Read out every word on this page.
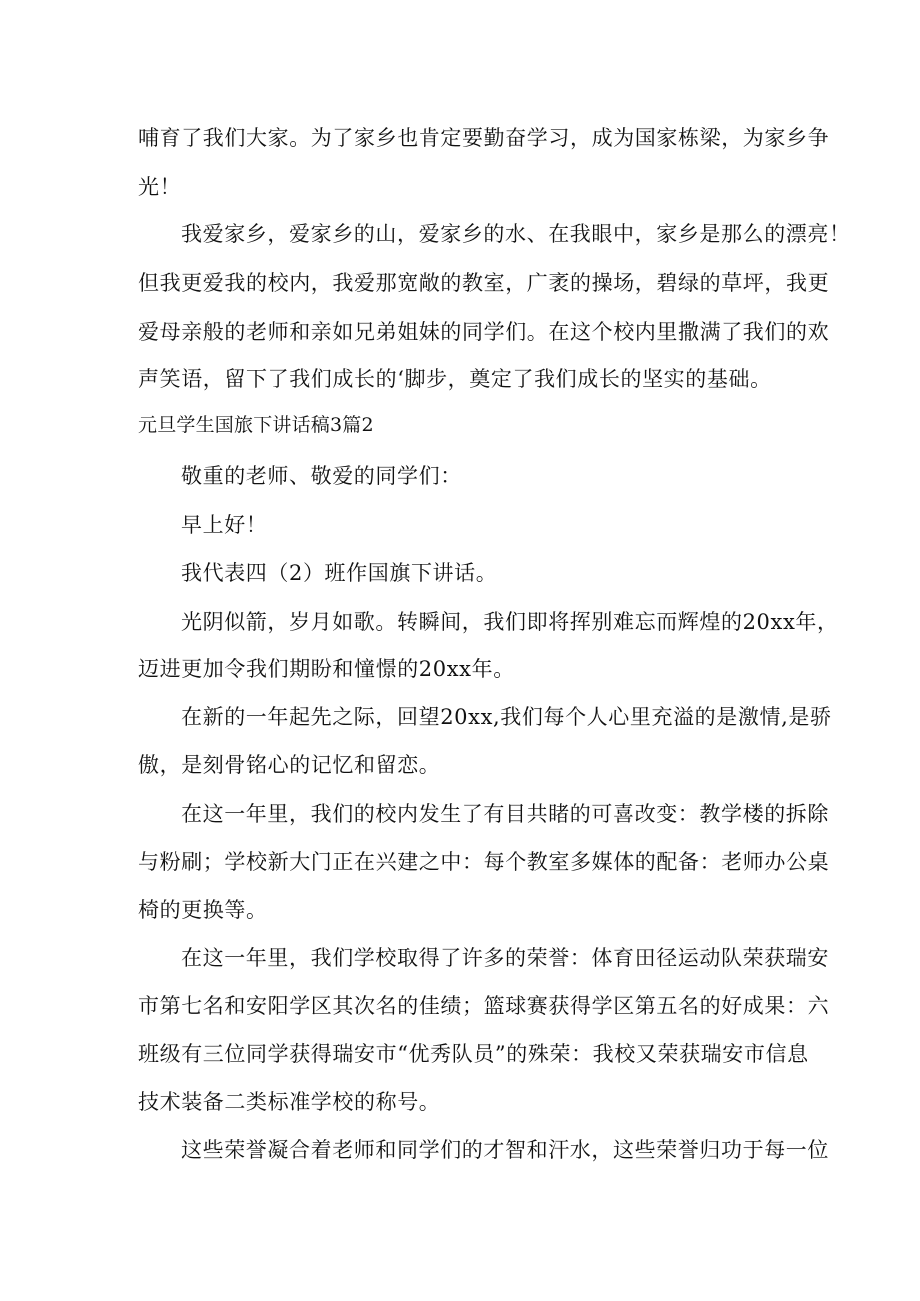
哺育了我们大家。为了家乡也肯定要勤奋学习，成为国家栋梁，为家乡争
光！
我爱家乡，爱家乡的山，爱家乡的水、在我眼中，家乡是那么的漂亮！
但我更爱我的校内，我爱那宽敞的教室，广袤的操场，碧绿的草坪，我更
爱母亲般的老师和亲如兄弟姐妹的同学们。在这个校内里撒满了我们的欢
声笑语，留下了我们成长的‘脚步，奠定了我们成长的坚实的基础。
元旦学生国旅下讲话稿3篇2
敬重的老师、敬爱的同学们：
早上好！
我代表四（2）班作国旗下讲话。
光阴似箭，岁月如歌。转瞬间，我们即将挥别难忘而辉煌的20xx年，
迈进更加令我们期盼和憧憬的20xx年。
在新的一年起先之际，回望20xx,我们每个人心里充溢的是激情,是骄
傲，是刻骨铭心的记忆和留恋。
在这一年里，我们的校内发生了有目共睹的可喜改变：教学楼的拆除
与粉刷；学校新大门正在兴建之中：每个教室多媒体的配备：老师办公桌
椅的更换等。
在这一年里，我们学校取得了许多的荣誉：体育田径运动队荣获瑞安
市第七名和安阳学区其次名的佳绩；篮球赛获得学区第五名的好成果：六
班级有三位同学获得瑞安市“优秀队员”的殊荣：我校又荣获瑞安市信息
技术装备二类标准学校的称号。
这些荣誉凝合着老师和同学们的才智和汗水，这些荣誉归功于每一位
